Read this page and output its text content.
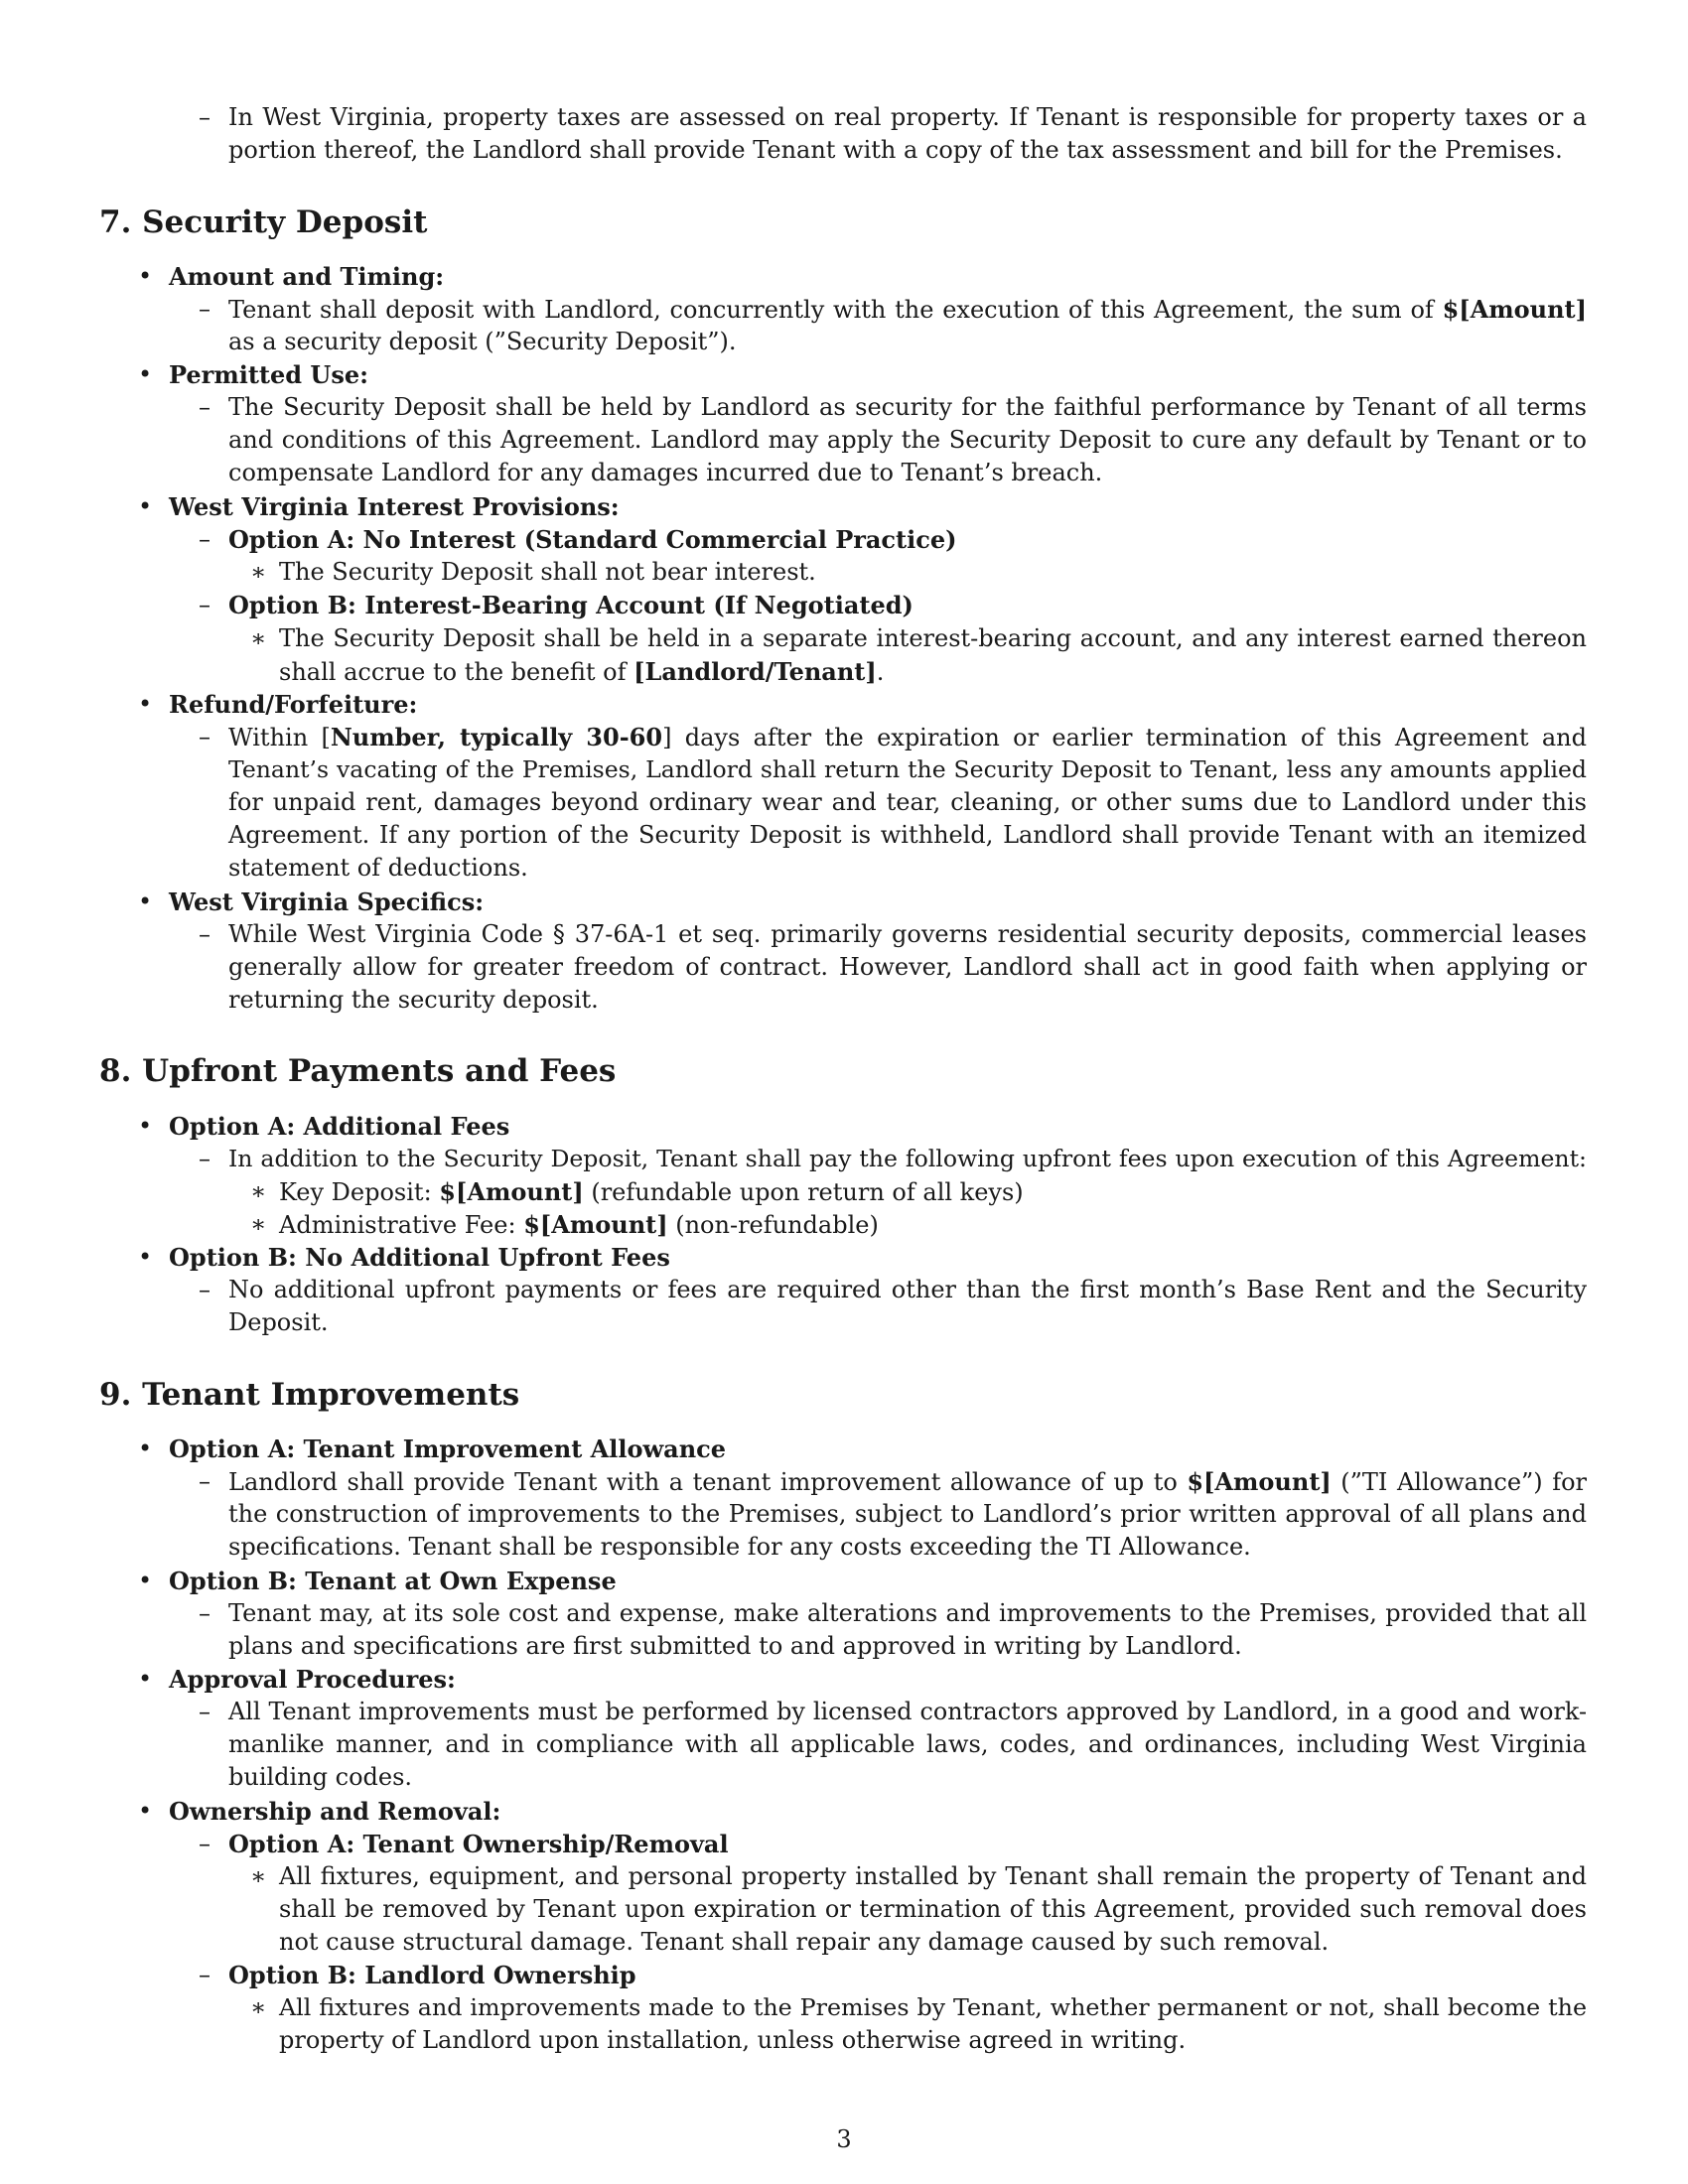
– In West Virginia, property taxes are assessed on real property. If Tenant is responsible for property taxes or a
portion thereof, the Landlord shall provide Tenant with a copy of the tax assessment and bill for the Premises.
7. Security Deposit
• Amount and Timing:
– Tenant shall deposit with Landlord, concurrently with the execution of this Agreement, the sum of $[Amount]
as a security deposit (”Security Deposit”).
• Permitted Use:
– The Security Deposit shall be held by Landlord as security for the faithful performance by Tenant of all terms
and conditions of this Agreement. Landlord may apply the Security Deposit to cure any default by Tenant or to
compensate Landlord for any damages incurred due to Tenant’s breach.
• West Virginia Interest Provisions:
– Option A: No Interest (Standard Commercial Practice)
∗ The Security Deposit shall not bear interest.
– Option B: Interest-Bearing Account (If Negotiated)
∗ The Security Deposit shall be held in a separate interest-bearing account, and any interest earned thereon
shall accrue to the benefit of [Landlord/Tenant].
• Refund/Forfeiture:
– Within [Number, typically 30-60] days after the expiration or earlier termination of this Agreement and
Tenant’s vacating of the Premises, Landlord shall return the Security Deposit to Tenant, less any amounts applied
for unpaid rent, damages beyond ordinary wear and tear, cleaning, or other sums due to Landlord under this
Agreement. If any portion of the Security Deposit is withheld, Landlord shall provide Tenant with an itemized
statement of deductions.
• West Virginia Specifics:
– While West Virginia Code § 37-6A-1 et seq. primarily governs residential security deposits, commercial leases
generally allow for greater freedom of contract. However, Landlord shall act in good faith when applying or
returning the security deposit.
8. Upfront Payments and Fees
• Option A: Additional Fees
– In addition to the Security Deposit, Tenant shall pay the following upfront fees upon execution of this Agreement:
∗ Key Deposit: $[Amount] (refundable upon return of all keys)
∗ Administrative Fee: $[Amount] (non-refundable)
• Option B: No Additional Upfront Fees
– No additional upfront payments or fees are required other than the first month’s Base Rent and the Security
Deposit.
9. Tenant Improvements
• Option A: Tenant Improvement Allowance
– Landlord shall provide Tenant with a tenant improvement allowance of up to $[Amount] (”TI Allowance”) for
the construction of improvements to the Premises, subject to Landlord’s prior written approval of all plans and
specifications. Tenant shall be responsible for any costs exceeding the TI Allowance.
• Option B: Tenant at Own Expense
– Tenant may, at its sole cost and expense, make alterations and improvements to the Premises, provided that all
plans and specifications are first submitted to and approved in writing by Landlord.
• Approval Procedures:
– All Tenant improvements must be performed by licensed contractors approved by Landlord, in a good and work-
manlike manner, and in compliance with all applicable laws, codes, and ordinances, including West Virginia
building codes.
• Ownership and Removal:
– Option A: Tenant Ownership/Removal
∗ All fixtures, equipment, and personal property installed by Tenant shall remain the property of Tenant and
shall be removed by Tenant upon expiration or termination of this Agreement, provided such removal does
not cause structural damage. Tenant shall repair any damage caused by such removal.
– Option B: Landlord Ownership
∗ All fixtures and improvements made to the Premises by Tenant, whether permanent or not, shall become the
property of Landlord upon installation, unless otherwise agreed in writing.
3
